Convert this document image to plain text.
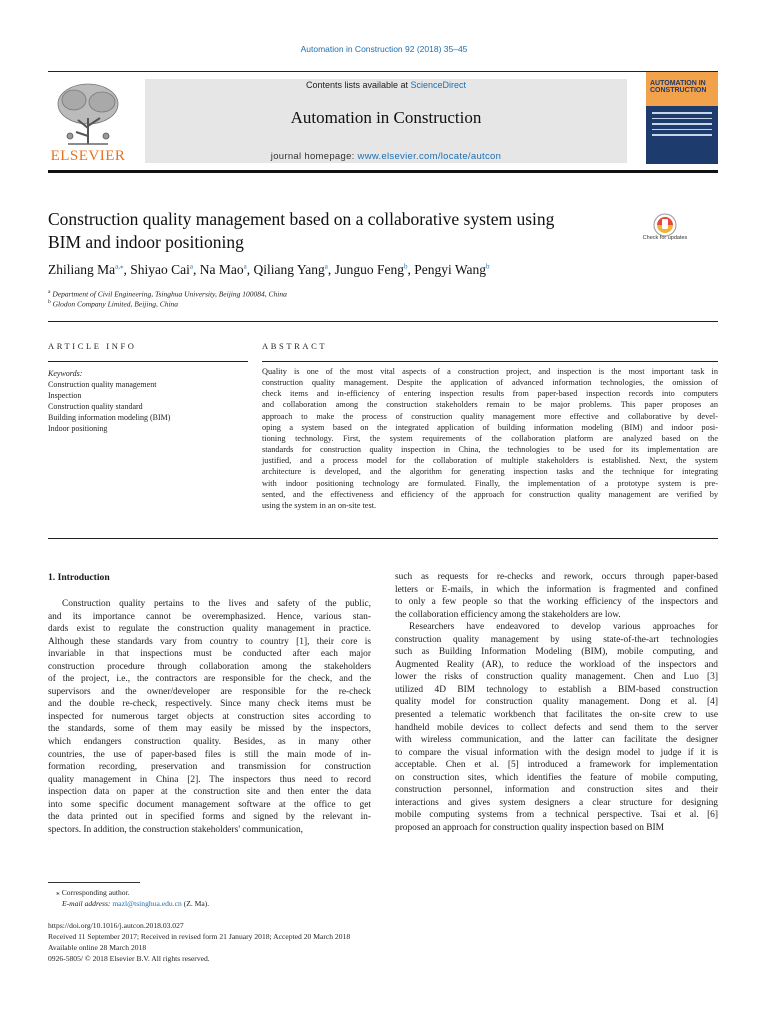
Automation in Construction 92 (2018) 35–45
ELSEVIER
Contents lists available at ScienceDirect
Automation in Construction
journal homepage: www.elsevier.com/locate/autcon
AUTOMATION IN CONSTRUCTION
Construction quality management based on a collaborative system using
BIM and indoor positioning	Check for updates
Zhiliang $Ma^{a,⁎}$, Shiyao Cai$^a$, Na Mao$^a$, Qiliang Yang$^a$, Junguo Feng$^b$, Pengyi Wang$^b$
$^a$ Department of Civil Engineering, Tsinghua University, Beijing 100084, China
$^b$ Glodon Company Limited, Beijing, China
ARTICLE INFO
Keywords:
Construction quality management
Inspection
Construction quality standard
Building information modeling (BIM)
Indoor positioning
ABSTRACT
Quality is one of the most vital aspects of a construction project, and inspection is the most important task in
construction quality management. Despite the application of advanced information technologies, the omission of
check items and in-efficiency of entering inspection results from paper-based inspection records into computers
and collaboration among the construction stakeholders remain to be major problems. This paper proposes an
approach to make the process of construction quality management more effective and collaborative by devel-
oping a system based on the integrated application of building information modeling (BIM) and indoor posi-
tioning technology. First, the system requirements of the collaboration platform are analyzed based on the
standards for construction quality inspection in China, the technologies to be used for its implementation are
justified, and a process model for the collaboration of multiple stakeholders is established. Next, the system
architecture is developed, and the algorithm for generating inspection tasks and the technique for integrating
with indoor positioning technology are formulated. Finally, the implementation of a prototype system is pre-
sented, and the effectiveness and efficiency of the approach for construction quality management are verified by
using the system in an on-site test.
1. Introduction
Construction quality pertains to the lives and safety of the public,
and its importance cannot be overemphasized. Hence, various stan-
dards exist to regulate the construction quality management in practice.
Although these standards vary from country to country [1], their core is
invariable in that inspections must be conducted after each major
construction procedure through collaboration among the stakeholders
of the project, i.e., the contractors are responsible for the check, and the
supervisors and the owner/developer are responsible for the re-check
and the double re-check, respectively. Since many check items must be
inspected for numerous target objects at construction sites according to
the standards, some of them may easily be missed by the inspectors,
which endangers construction quality. Besides, as in many other
countries, the use of paper-based files is still the main mode of in-
formation recording, preservation and transmission for construction
quality management in China [2]. The inspectors thus need to record
inspection data on paper at the construction site and then enter the data
into some specific document management software at the office to get
the data printed out in specified forms and signed by the relevant in-
spectors. In addition, the construction stakeholders' communication,
such as requests for re-checks and rework, occurs through paper-based
letters or E-mails, in which the information is fragmented and confined
to only a few people so that the working efficiency of the inspectors and
the collaboration efficiency among the stakeholders are low.
Researchers have endeavored to develop various approaches for
construction quality management by using state-of-the-art technologies
such as Building Information Modeling (BIM), mobile computing, and
Augmented Reality (AR), to reduce the workload of the inspectors and
lower the risks of construction quality management. Chen and Luo [3]
utilized 4D BIM technology to establish a BIM-based construction
quality model for construction quality management. Dong et al. [4]
presented a telematic workbench that facilitates the on-site crew to use
handheld mobile devices to collect defects and send them to the server
with wireless communication, and the latter can facilitate the designer
to compare the visual information with the design model to judge if it is
acceptable. Chen et al. [5] introduced a framework for implementation
on construction sites, which identifies the feature of mobile computing,
construction personnel, information and construction sites and their
interactions and gives system designers a clear structure for designing
mobile computing systems from a technical perspective. Tsai et al. [6]
proposed an approach for construction quality inspection based on BIM
⁎ Corresponding author.
E-mail address: mazl@tsinghua.edu.cn (Z. Ma).
https://doi.org/10.1016/j.autcon.2018.03.027
Received 11 September 2017; Received in revised form 21 January 2018; Accepted 20 March 2018
Available online 28 March 2018
0926-5805/ © 2018 Elsevier B.V. All rights reserved.
